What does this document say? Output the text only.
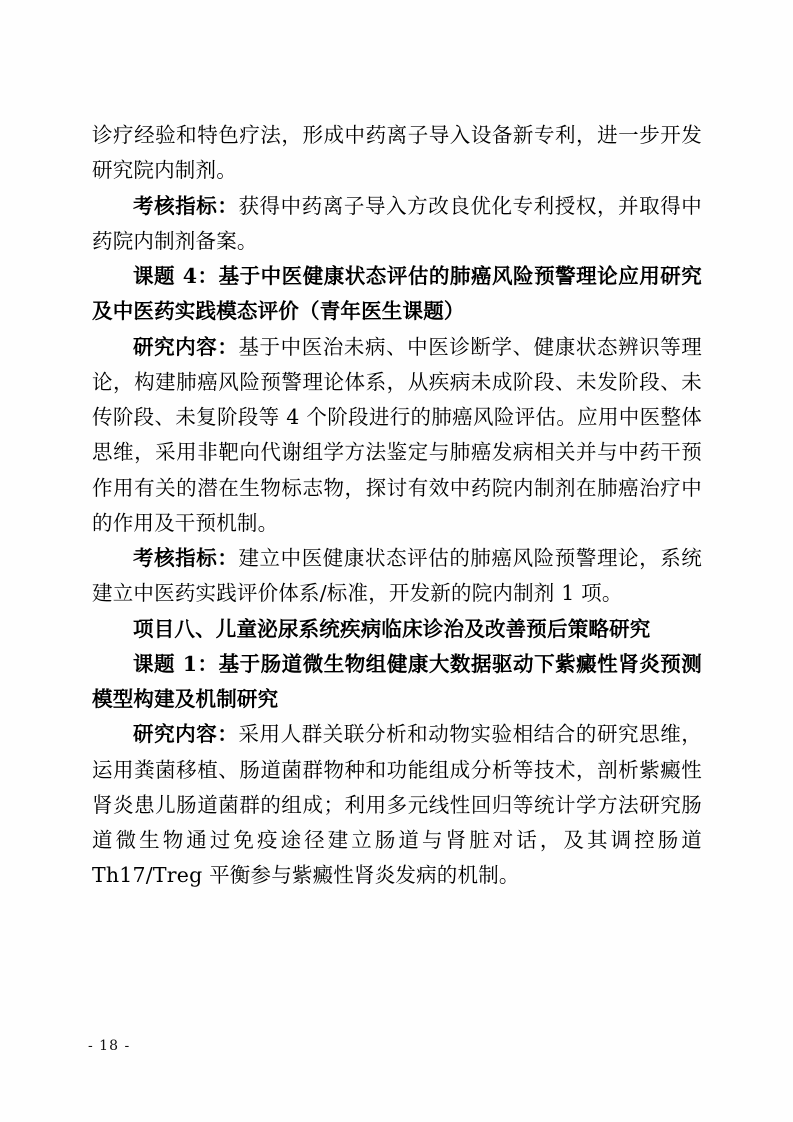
诊疗经验和特色疗法，形成中药离子导入设备新专利，进一步开发研究院内制剂。

考核指标：获得中药离子导入方改良优化专利授权，并取得中药院内制剂备案。

课题 4：基于中医健康状态评估的肺癌风险预警理论应用研究及中医药实践模态评价（青年医生课题）

研究内容：基于中医治未病、中医诊断学、健康状态辨识等理论，构建肺癌风险预警理论体系，从疾病未成阶段、未发阶段、未传阶段、未复阶段等 4 个阶段进行的肺癌风险评估。应用中医整体思维，采用非靶向代谢组学方法鉴定与肺癌发病相关并与中药干预作用有关的潜在生物标志物，探讨有效中药院内制剂在肺癌治疗中的作用及干预机制。

考核指标：建立中医健康状态评估的肺癌风险预警理论，系统建立中医药实践评价体系/标准，开发新的院内制剂 1 项。

项目八、儿童泌尿系统疾病临床诊治及改善预后策略研究

课题 1：基于肠道微生物组健康大数据驱动下紫癜性肾炎预测模型构建及机制研究

研究内容：采用人群关联分析和动物实验相结合的研究思维，运用粪菌移植、肠道菌群物种和功能组成分析等技术，剖析紫癜性肾炎患儿肠道菌群的组成；利用多元线性回归等统计学方法研究肠道微生物通过免疫途径建立肠道与肾脏对话，及其调控肠道 Th17/Treg 平衡参与紫癜性肾炎发病的机制。

- 18 -
